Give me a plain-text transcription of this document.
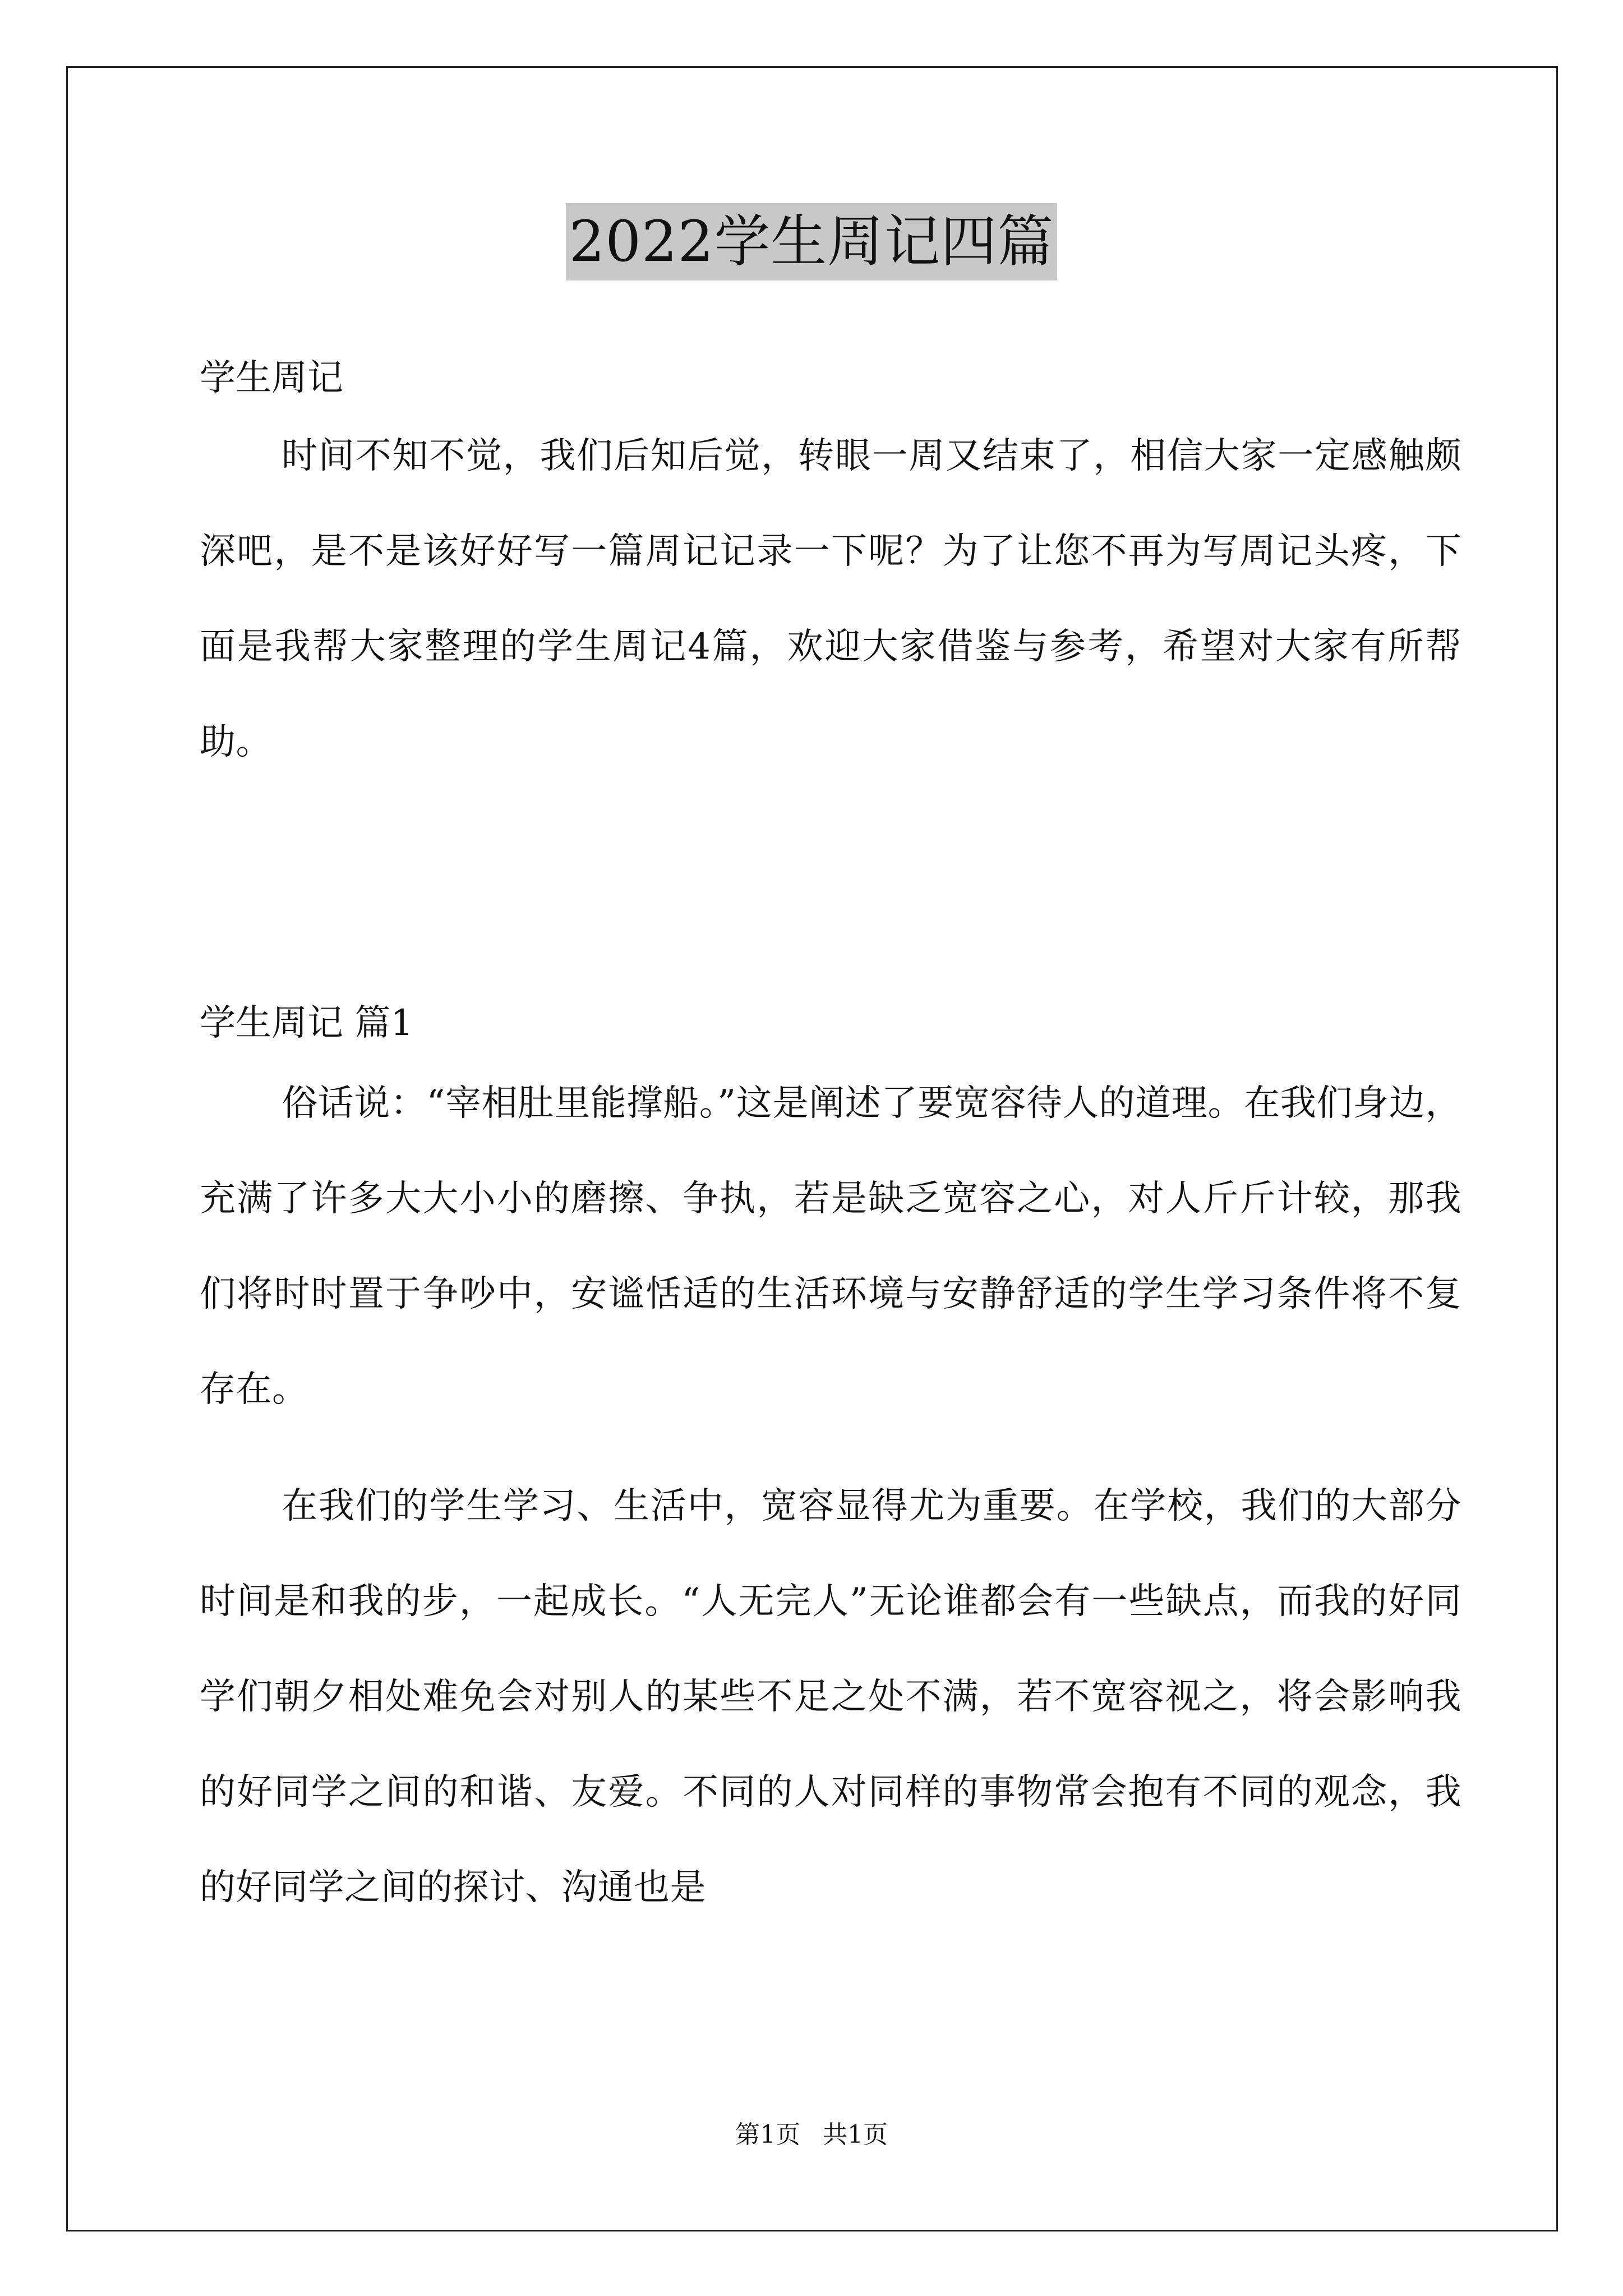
2022学生周记四篇
学生周记

时间不知不觉，我们后知后觉，转眼一周又结束了，相信大家一定感触颇深吧，是不是该好好写一篇周记记录一下呢？为了让您不再为写周记头疼，下面是我帮大家整理的学生周记4篇，欢迎大家借鉴与参考，希望对大家有所帮助。

学生周记 篇1

俗话说：“宰相肚里能撑船。”这是阐述了要宽容待人的道理。在我们身边，充满了许多大大小小的磨擦、争执，若是缺乏宽容之心，对人斤斤计较，那我们将时时置于争吵中，安谧恬适的生活环境与安静舒适的学生学习条件将不复存在。

在我们的学生学习、生活中，宽容显得尤为重要。在学校，我们的大部分时间是和我的步，一起成长。“人无完人”无论谁都会有一些缺点，而我的好同学们朝夕相处难免会对别人的某些不足之处不满，若不宽容视之，将会影响我的好同学之间的和谐、友爱。不同的人对同样的事物常会抱有不同的观念，我的好同学之间的探讨、沟通也是

第1页 共1页
